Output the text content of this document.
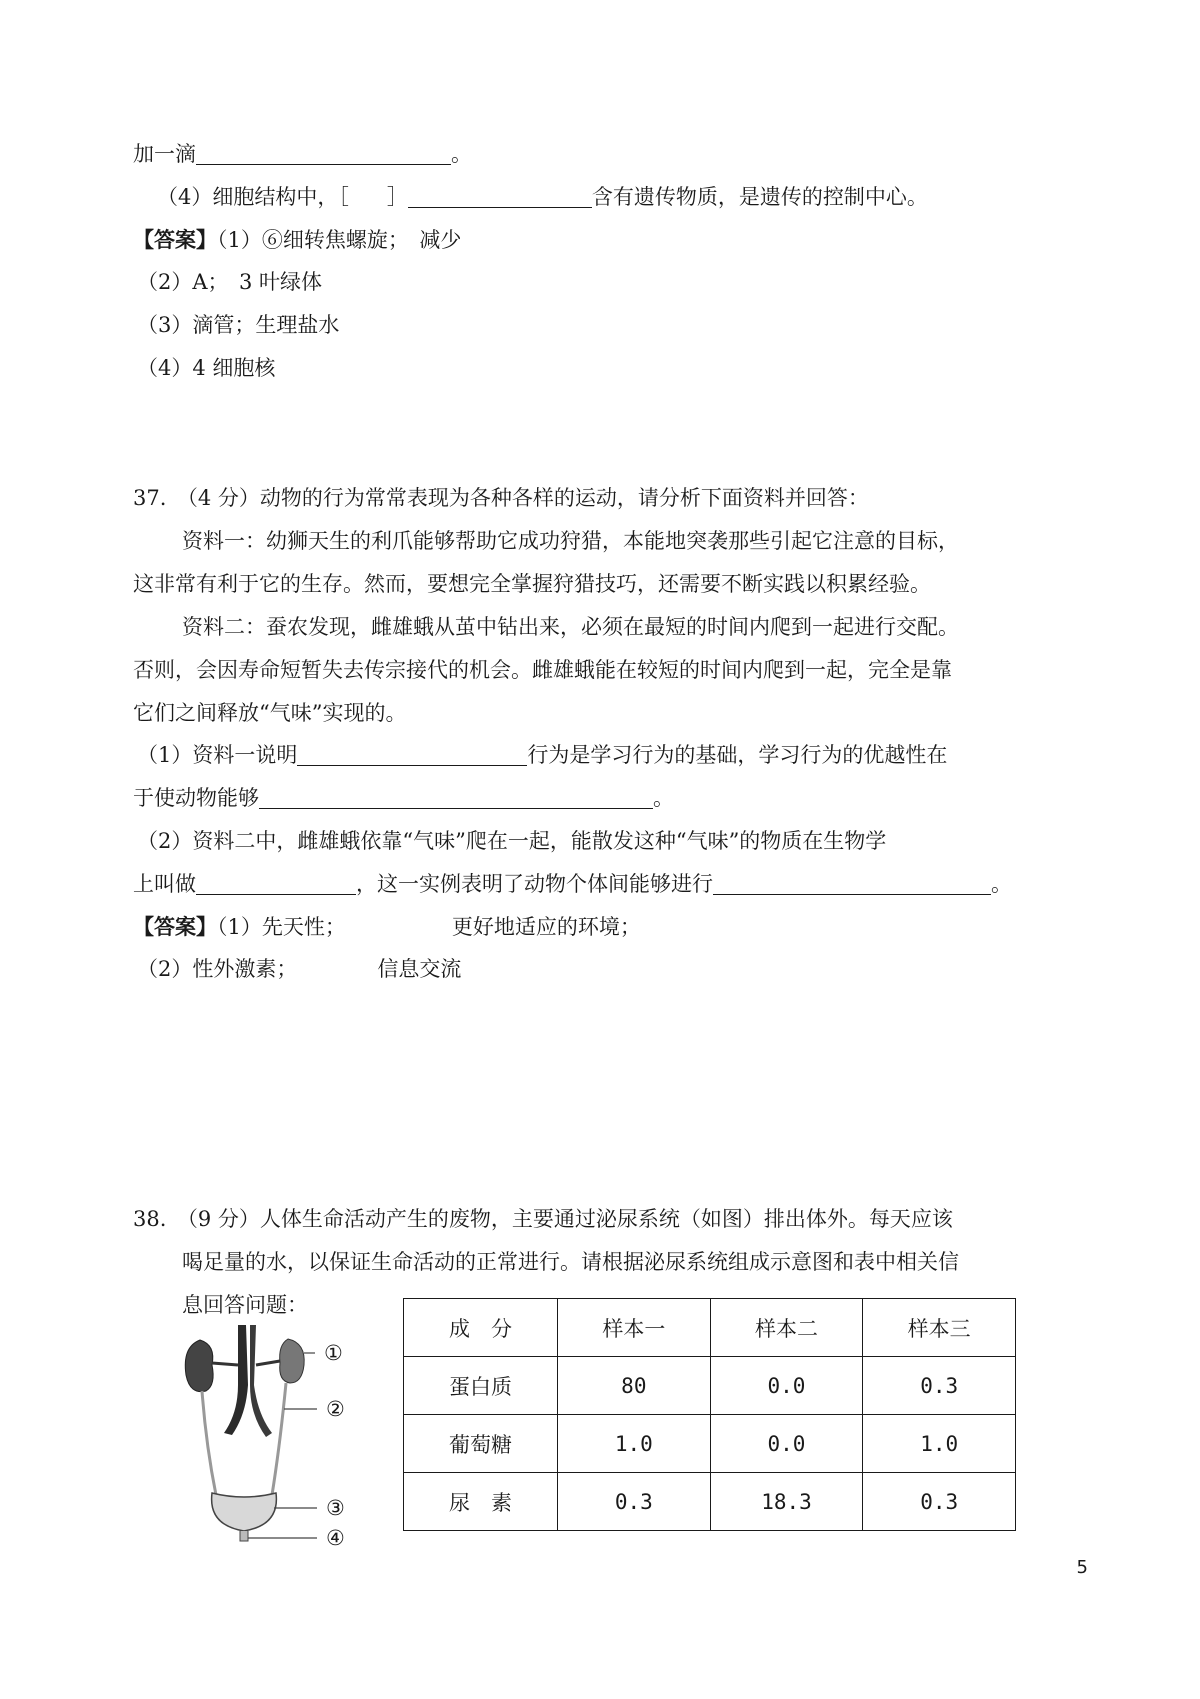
加一滴	。
（4）细胞结构中，［ ］	含有遗传物质，是遗传的控制中心。
【答案】（1）⑥细转焦螺旋；　减少
（2）A；　3 叶绿体
（3）滴管；生理盐水
（4）4 细胞核
37.　（4 分）动物的行为常常表现为各种各样的运动，请分析下面资料并回答：
资料一：幼狮天生的利爪能够帮助它成功狩猎，本能地突袭那些引起它注意的目标，
这非常有利于它的生存。然而，要想完全掌握狩猎技巧，还需要不断实践以积累经验。
资料二：蚕农发现，雌雄蛾从茧中钻出来，必须在最短的时间内爬到一起进行交配。
否则，会因寿命短暂失去传宗接代的机会。雌雄蛾能在较短的时间内爬到一起，完全是靠
它们之间释放“气味”实现的。
（1）资料一说明	行为是学习行为的基础，学习行为的优越性在
于使动物能够	。
（2）资料二中，雌雄蛾依靠“气味”爬在一起，能散发这种“气味”的物质在生物学
上叫做	，这一实例表明了动物个体间能够进行	。
【答案】（1）先天性；	更好地适应的环境；
（2）性外激素；	信息交流
38.　（9 分）人体生命活动产生的废物，主要通过泌尿系统（如图）排出体外。每天应该
喝足量的水，以保证生命活动的正常进行。请根据泌尿系统组成示意图和表中相关信
息回答问题：
①
②
③
④
成　分	样本一	样本二	样本三
蛋白质	80	0.0	0.3
葡萄糖	1.0	0.0	1.0
尿　素	0.3	18.3	0.3
5
